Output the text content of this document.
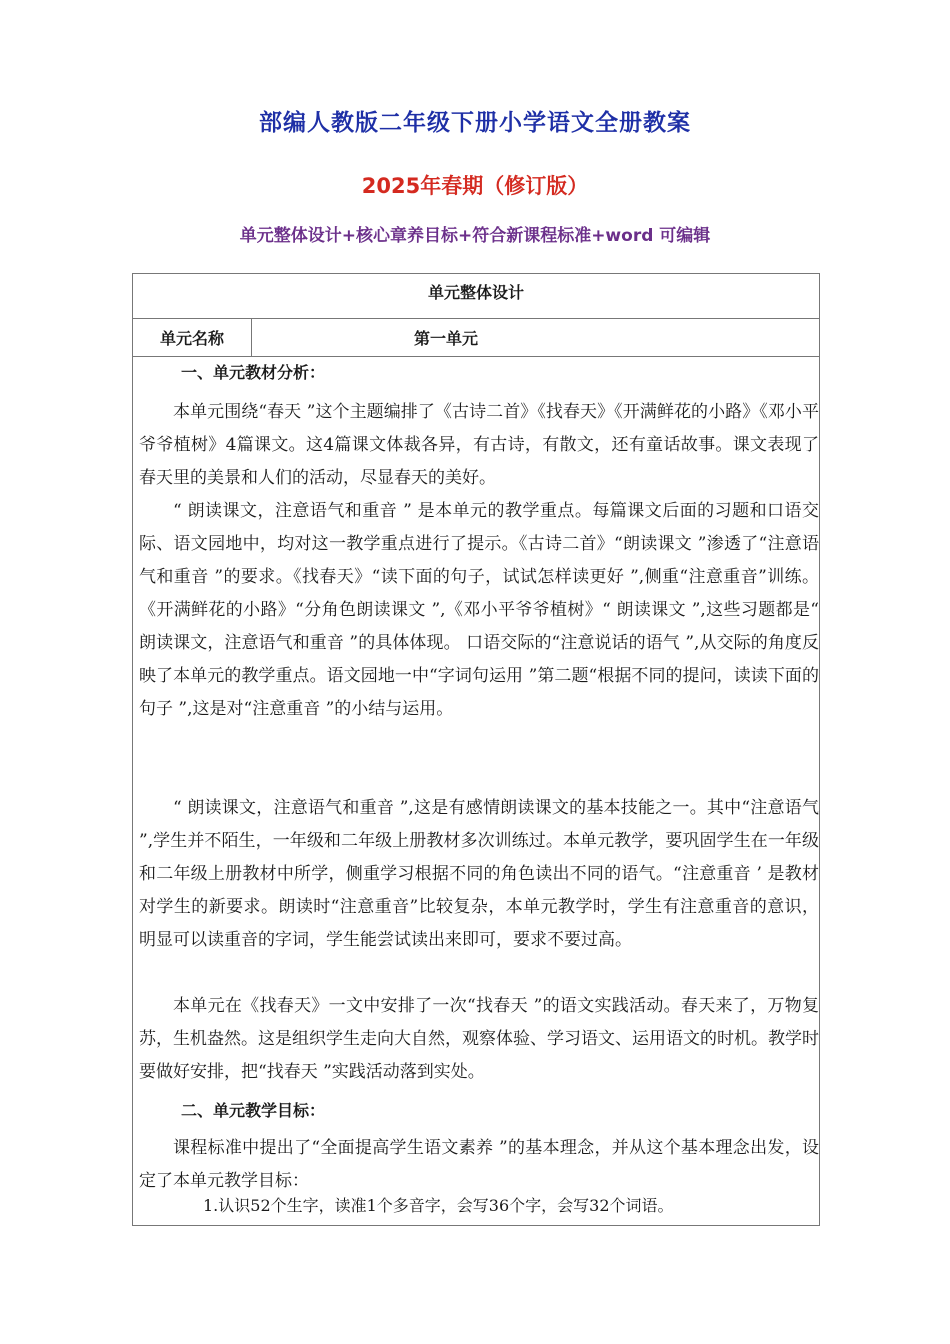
部编人教版二年级下册小学语文全册教案
2025年春期（修订版）
单元整体设计+核心章养目标+符合新课程标准+word 可编辑
单元整体设计
单元名称	第一单元
一、单元教材分析：

本单元围绕“春天 ”这个主题编排了《古诗二首》《找春天》《开满鲜花的小路》《邓小平爷爷植树》4篇课文。这4篇课文体裁各异，有古诗，有散文，还有童话故事。课文表现了春天里的美景和人们的活动，尽显春天的美好。

“ 朗读课文，注意语气和重音 ” 是本单元的教学重点。每篇课文后面的习题和口语交际、语文园地中，均对这一教学重点进行了提示。《古诗二首》“朗读课文 ”渗透了“注意语气和重音 ”的要求。《找春天》“读下面的句子，试试怎样读更好 ”,侧重“注意重音”训练。《开满鲜花的小路》“分角色朗读课文 ”,《邓小平爷爷植树》“ 朗读课文 ”,这些习题都是“ 朗读课文，注意语气和重音 ”的具体体现。 口语交际的“注意说话的语气 ”,从交际的角度反映了本单元的教学重点。语文园地一中“字词句运用 ”第二题“根据不同的提问，读读下面的句子 ”,这是对“注意重音 ”的小结与运用。

“ 朗读课文，注意语气和重音 ”,这是有感情朗读课文的基本技能之一。其中“注意语气 ”,学生并不陌生，一年级和二年级上册教材多次训练过。本单元教学，要巩固学生在一年级和二年级上册教材中所学，侧重学习根据不同的角色读出不同的语气。“注意重音 ’ 是教材对学生的新要求。朗读时“注意重音”比较复杂，本单元教学时，学生有注意重音的意识，明显可以读重音的字词，学生能尝试读出来即可，要求不要过高。

本单元在《找春天》一文中安排了一次“找春天 ”的语文实践活动。春天来了，万物复苏，生机盎然。这是组织学生走向大自然，观察体验、学习语文、运用语文的时机。教学时要做好安排，把“找春天 ”实践活动落到实处。

二、单元教学目标：

课程标准中提出了“全面提高学生语文素养 ”的基本理念，并从这个基本理念出发，设定了本单元教学目标：

1.认识52个生字，读准1个多音字，会写36个字，会写32个词语。
